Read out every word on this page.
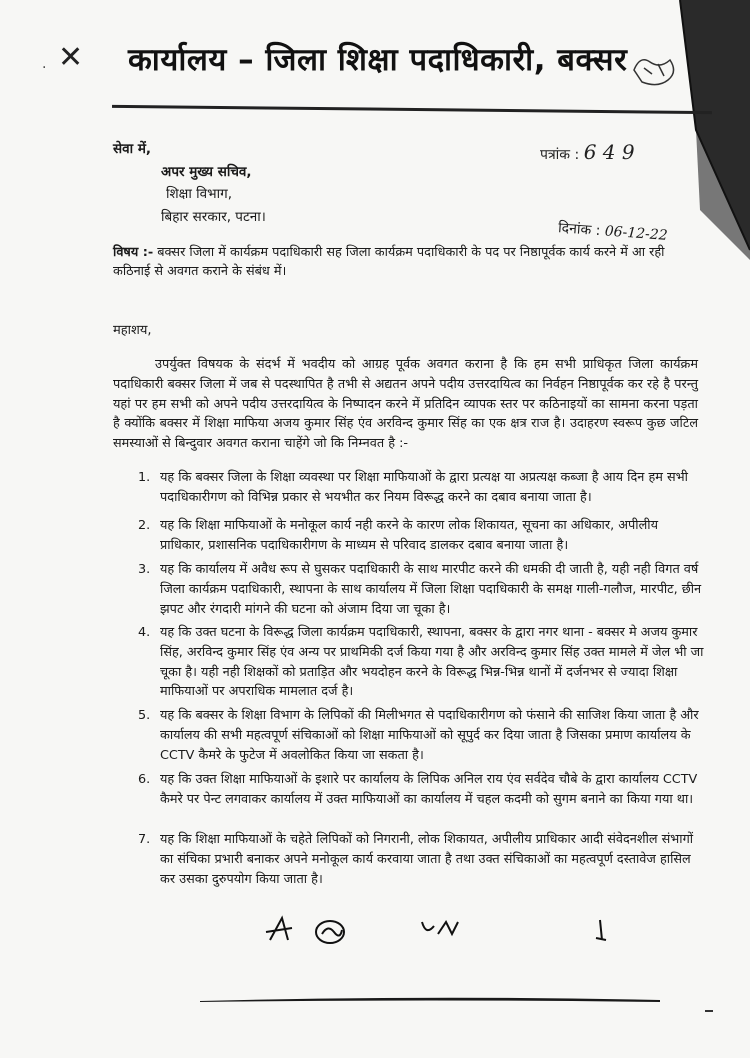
✕
·	कार्यालय – जिला शिक्षा पदाधिकारी, बक्सर
पत्रांक : 6 4 9
दिनांक : 06-12-22
सेवा में,
अपर मुख्य सचिव,
शिक्षा विभाग,
बिहार सरकार, पटना।
विषय :- बक्सर जिला में कार्यक्रम पदाधिकारी सह जिला कार्यक्रम पदाधिकारी के पद पर निष्ठापूर्वक कार्य करने में आ रही कठिनाई से अवगत कराने के संबंध में।
महाशय,
उपर्युक्त विषयक के संदर्भ में भवदीय को आग्रह पूर्वक अवगत कराना है कि हम सभी प्राधिकृत जिला कार्यक्रम पदाधिकारी बक्सर जिला में जब से पदस्थापित है तभी से अद्यतन अपने पदीय उत्तरदायित्व का निर्वहन निष्ठापूर्वक कर रहे है परन्तु यहां पर हम सभी को अपने पदीय उत्तरदायित्व के निष्पादन करने में प्रतिदिन व्यापक स्तर पर कठिनाइयों का सामना करना पड़ता है क्योंकि बक्सर में शिक्षा माफिया अजय कुमार सिंह एंव अरविन्द कुमार सिंह का एक क्षत्र राज है। उदाहरण स्वरूप कुछ जटिल समस्याओं से बिन्दुवार अवगत कराना चाहेंगे जो कि निम्नवत है :-

1. यह कि बक्सर जिला के शिक्षा व्यवस्था पर शिक्षा माफियाओं के द्वारा प्रत्यक्ष या अप्रत्यक्ष कब्जा है आय दिन हम सभी पदाधिकारीगण को विभिन्न प्रकार से भयभीत कर नियम विरूद्ध करने का दबाव बनाया जाता है।

2. यह कि शिक्षा माफियाओं के मनोकूल कार्य नही करने के कारण लोक शिकायत, सूचना का अधिकार, अपीलीय प्राधिकार, प्रशासनिक पदाधिकारीगण के माध्यम से परिवाद डालकर दबाव बनाया जाता है।

3. यह कि कार्यालय में अवैध रूप से घुसकर पदाधिकारी के साथ मारपीट करने की धमकी दी जाती है, यही नही विगत वर्ष जिला कार्यक्रम पदाधिकारी, स्थापना के साथ कार्यालय में जिला शिक्षा पदाधिकारी के समक्ष गाली-गलौज, मारपीट, छीन झपट और रंगदारी मांगने की घटना को अंजाम दिया जा चूका है।

4. यह कि उक्त घटना के विरूद्ध जिला कार्यक्रम पदाधिकारी, स्थापना, बक्सर के द्वारा नगर थाना - बक्सर मे अजय कुमार सिंह, अरविन्द कुमार सिंह एंव अन्य पर प्राथमिकी दर्ज किया गया है और अरविन्द कुमार सिंह उक्त मामले में जेल भी जा चूका है। यही नही शिक्षकों को प्रताड़ित और भयदोहन करने के विरूद्ध भिन्न-भिन्न थानों में दर्जनभर से ज्यादा शिक्षा माफियाओं पर अपराधिक मामलात दर्ज है।

5. यह कि बक्सर के शिक्षा विभाग के लिपिकों की मिलीभगत से पदाधिकारीगण को फंसाने की साजिश किया जाता है और कार्यालय की सभी महत्वपूर्ण संचिकाओं को शिक्षा माफियाओं को सूपुर्द कर दिया जाता है जिसका प्रमाण कार्यालय के CCTV कैमरे के फुटेज में अवलोकित किया जा सकता है।

6. यह कि उक्त शिक्षा माफियाओं के इशारे पर कार्यालय के लिपिक अनिल राय एंव सर्वदेव चौबे के द्वारा कार्यालय CCTV कैमरे पर पेन्ट लगवाकर कार्यालय में उक्त माफियाओं का कार्यालय में चहल कदमी को सुगम बनाने का किया गया था।

7. यह कि शिक्षा माफियाओं के चहेते लिपिकों को निगरानी, लोक शिकायत, अपीलीय प्राधिकार आदी संवेदनशील संभागों का संचिका प्रभारी बनाकर अपने मनोकूल कार्य करवाया जाता है तथा उक्त संचिकाओं का महत्वपूर्ण दस्तावेज हासिल कर उसका दुरुपयोग किया जाता है।
